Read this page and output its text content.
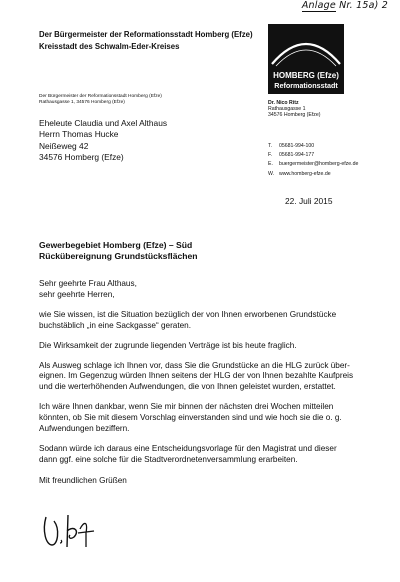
Anlage Nr. 15a) 2
Der Bürgermeister der Reformationsstadt Homberg (Efze)
Kreisstadt des Schwalm-Eder-Kreises
HOMBERG (Efze)
Reformationsstadt
Der Bürgermeister der Reformationsstadt Homberg (Efze)
Rathausgasse 1, 34576 Homberg (Efze)
Eheleute Claudia und Axel Althaus
Herrn Thomas Hucke
Neißeweg 42
34576 Homberg (Efze)
Dr. Nico Ritz
Rathausgasse 1
34576 Homberg (Efze)
T. 05681-994-100
F. 05681-994-177
E. buergermeister@homberg-efze.de
W. www.homberg-efze.de
22. Juli 2015
Gewerbegebiet Homberg (Efze) – Süd
Rückübereignung Grundstücksflächen

Sehr geehrte Frau Althaus,

sehr geehrte Herren,

wie Sie wissen, ist die Situation bezüglich der von Ihnen erworbenen Grundstücke

buchstäblich „in eine Sackgasse“ geraten.

Die Wirksamkeit der zugrunde liegenden Verträge ist bis heute fraglich.

Als Ausweg schlage ich Ihnen vor, dass Sie die Grundstücke an die HLG zurück über-

eignen. Im Gegenzug würden Ihnen seitens der HLG der von Ihnen bezahlte Kaufpreis

und die werterhöhenden Aufwendungen, die von Ihnen geleistet wurden, erstattet.

Ich wäre Ihnen dankbar, wenn Sie mir binnen der nächsten drei Wochen mitteilen

könnten, ob Sie mit diesem Vorschlag einverstanden sind und wie hoch sie die o. g.

Aufwendungen beziffern.

Sodann würde ich daraus eine Entscheidungsvorlage für den Magistrat und dieser

dann ggf. eine solche für die Stadtverordnetenversammlung erarbeiten.

Mit freundlichen Grüßen
